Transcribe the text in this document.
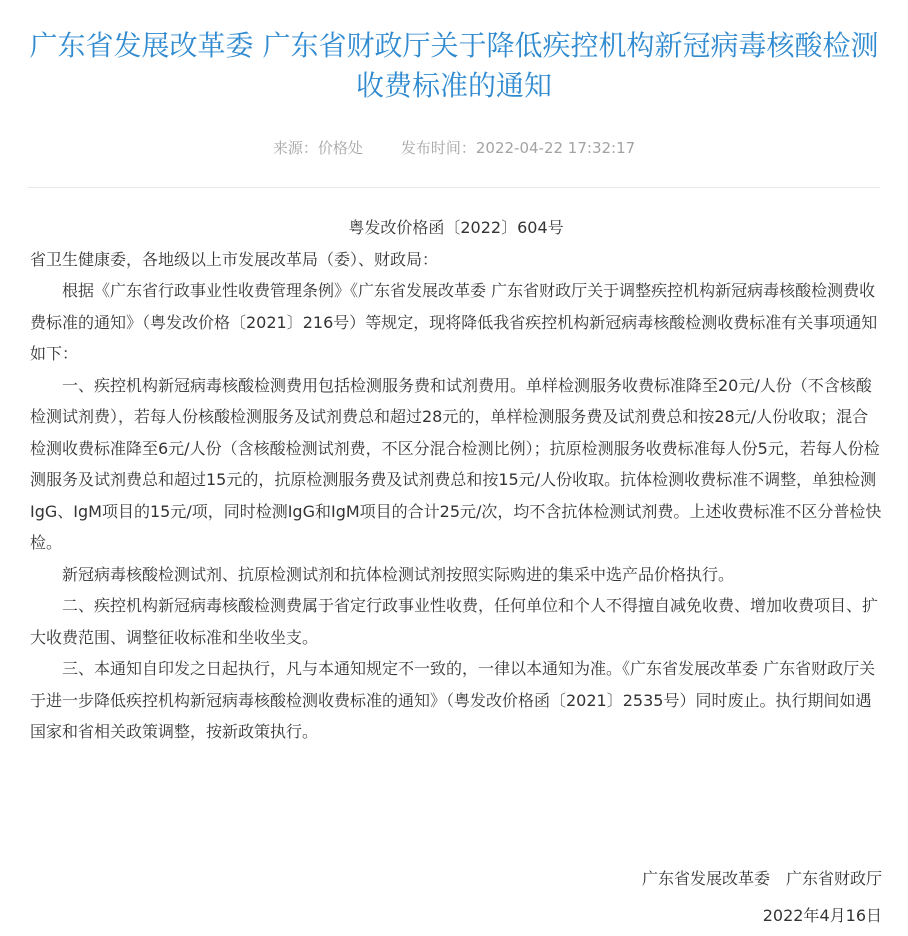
广东省发展改革委 广东省财政厅关于降低疾控机构新冠病毒核酸检测收费标准的通知
来源：价格处	发布时间：2022-04-22 17:32:17

粤发改价格函〔2022〕604号

省卫生健康委，各地级以上市发展改革局（委）、财政局：

根据《广东省行政事业性收费管理条例》《广东省发展改革委 广东省财政厅关于调整疾控机构新冠病毒核酸检测费收费标准的通知》（粤发改价格〔2021〕216号）等规定，现将降低我省疾控机构新冠病毒核酸检测收费标准有关事项通知如下：

一、疾控机构新冠病毒核酸检测费用包括检测服务费和试剂费用。单样检测服务收费标准降至20元/人份（不含核酸检测试剂费），若每人份核酸检测服务及试剂费总和超过28元的，单样检测服务费及试剂费总和按28元/人份收取；混合检测收费标准降至6元/人份（含核酸检测试剂费，不区分混合检测比例）；抗原检测服务收费标准每人份5元，若每人份检测服务及试剂费总和超过15元的，抗原检测服务费及试剂费总和按15元/人份收取。抗体检测收费标准不调整，单独检测IgG、IgM项目的15元/项，同时检测IgG和IgM项目的合计25元/次，均不含抗体检测试剂费。上述收费标准不区分普检快检。

新冠病毒核酸检测试剂、抗原检测试剂和抗体检测试剂按照实际购进的集采中选产品价格执行。

二、疾控机构新冠病毒核酸检测费属于省定行政事业性收费，任何单位和个人不得擅自减免收费、增加收费项目、扩大收费范围、调整征收标准和坐收坐支。

三、本通知自印发之日起执行，凡与本通知规定不一致的，一律以本通知为准。《广东省发展改革委 广东省财政厅关于进一步降低疾控机构新冠病毒核酸检测收费标准的通知》（粤发改价格函〔2021〕2535号）同时废止。执行期间如遇国家和省相关政策调整，按新政策执行。

广东省发展改革委　广东省财政厅
2022年4月16日
